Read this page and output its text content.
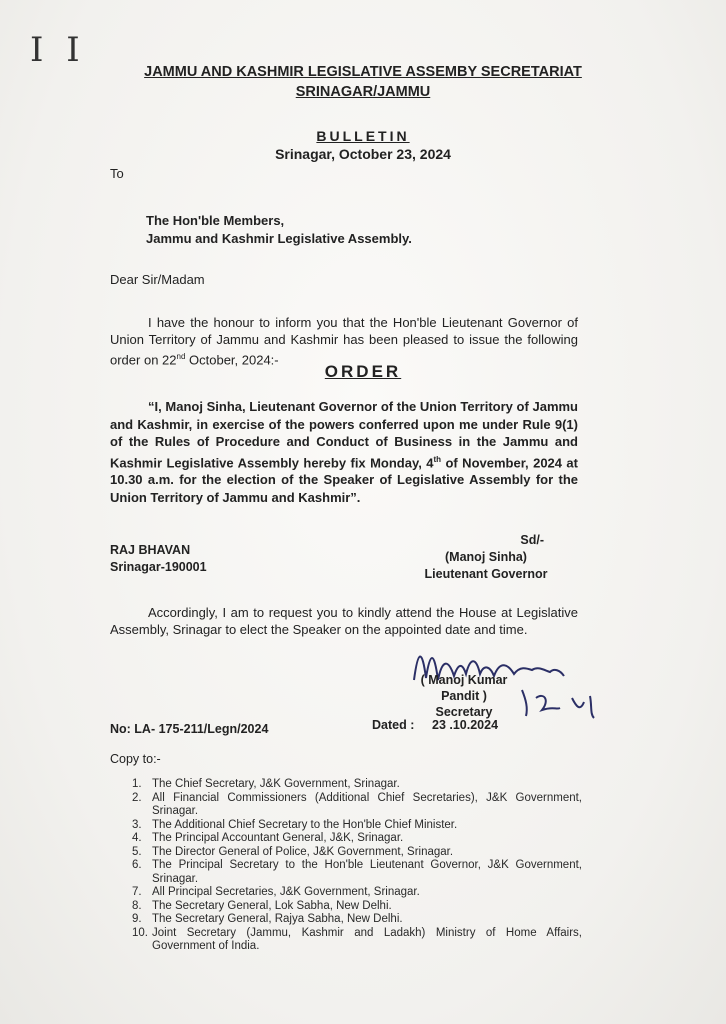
I I
JAMMU AND KASHMIR LEGISLATIVE ASSEMBY SECRETARIAT
SRINAGAR/JAMMU
BULLETIN
Srinagar, October 23, 2024
To
The Hon'ble Members,
Jammu and Kashmir Legislative Assembly.
Dear Sir/Madam
I have the honour to inform you that the Hon'ble Lieutenant Governor of Union Territory of Jammu and Kashmir has been pleased to issue the following order on 22nd October, 2024:-
ORDER
“I, Manoj Sinha, Lieutenant Governor of the Union Territory of Jammu and Kashmir, in exercise of the powers conferred upon me under Rule 9(1) of the Rules of Procedure and Conduct of Business in the Jammu and Kashmir Legislative Assembly hereby fix Monday, 4th of November, 2024 at 10.30 a.m. for the election of the Speaker of Legislative Assembly for the Union Territory of Jammu and Kashmir”.
RAJ BHAVAN
Srinagar-190001
Sd/-
(Manoj Sinha)
Lieutenant Governor
Accordingly, I am to request you to kindly attend the House at Legislative Assembly, Srinagar to elect the Speaker on the appointed date and time.
( Manoj Kumar Pandit )
Secretary
No: LA- 175-211/Legn/2024	Dated : 23 .10.2024
Copy to:-
1. The Chief Secretary, J&K Government, Srinagar.
2. All Financial Commissioners (Additional Chief Secretaries), J&K Government, Srinagar.
3. The Additional Chief Secretary to the Hon'ble Chief Minister.
4. The Principal Accountant General, J&K, Srinagar.
5. The Director General of Police, J&K Government, Srinagar.
6. The Principal Secretary to the Hon'ble Lieutenant Governor, J&K Government, Srinagar.
7. All Principal Secretaries, J&K Government, Srinagar.
8. The Secretary General, Lok Sabha, New Delhi.
9. The Secretary General, Rajya Sabha, New Delhi.
10. Joint Secretary (Jammu, Kashmir and Ladakh) Ministry of Home Affairs, Government of India.
